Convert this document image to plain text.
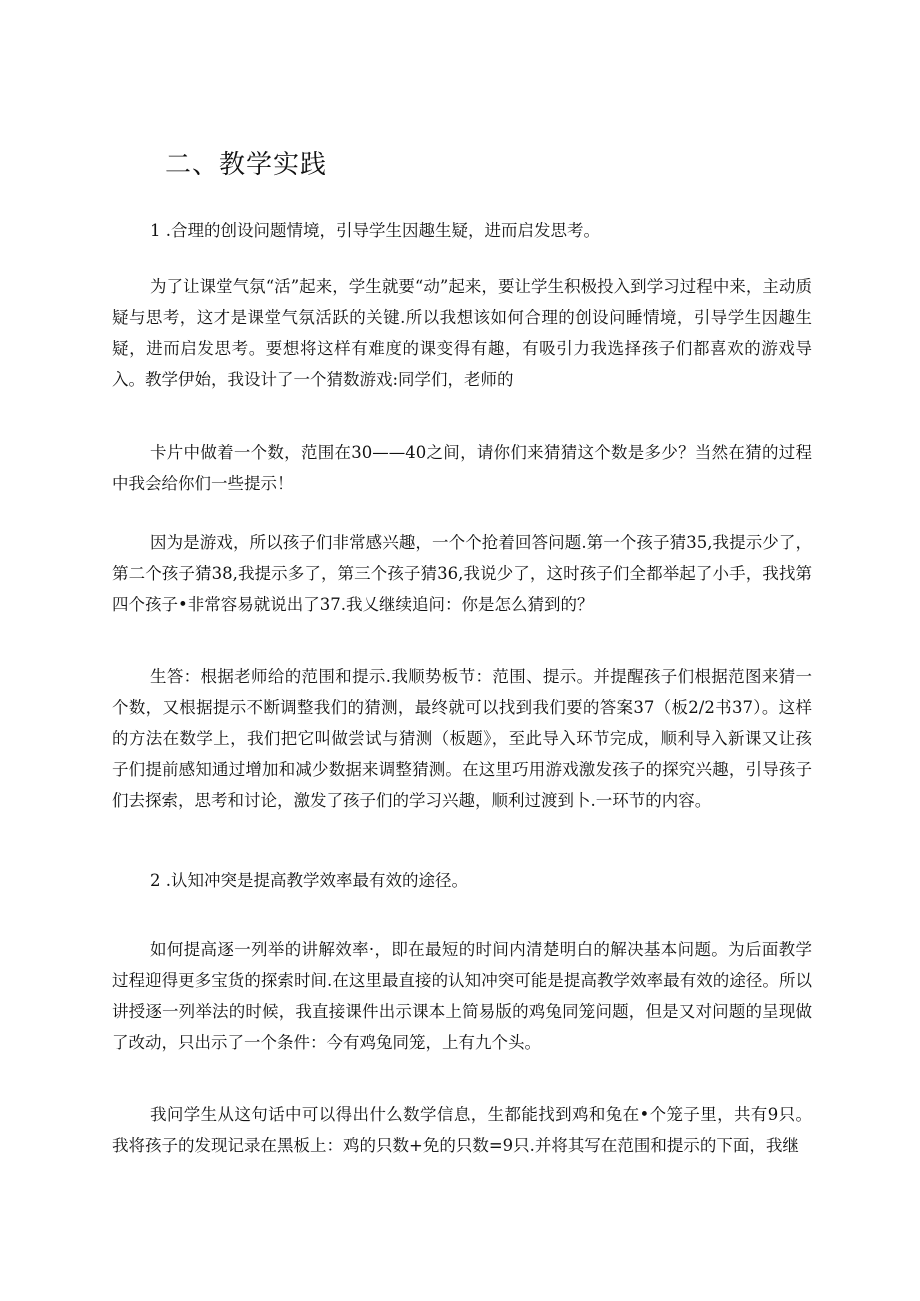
二、教学实践
1 .合理的创设问题情境，引导学生因趣生疑，进而启发思考。
为了让课堂气氛“活”起来，学生就要“动”起来，要让学生积极投入到学习过程中来，主动质疑与思考，这才是课堂气氛活跃的关键.所以我想该如何合理的创设问睡情境，引导学生因趣生疑，进而启发思考。要想将这样有难度的课变得有趣，有吸引力我选择孩子们都喜欢的游戏导入。教学伊始，我设计了一个猜数游戏:同学们，老师的
卡片中做着一个数，范围在30——40之间，请你们来猜猜这个数是多少？当然在猜的过程中我会给你们一些提示！
因为是游戏，所以孩子们非常感兴趣，一个个抢着回答问题.第一个孩子猜35,我提示少了，第二个孩子猜38,我提示多了，第三个孩子猜36,我说少了，这时孩子们全都举起了小手，我找第四个孩子•非常容易就说出了37.我乂继续追问：你是怎么猜到的？
生答：根据老师给的范围和提示.我顺势板节：范围、提示。并提醒孩子们根据范图来猜一个数，又根据提示不断调整我们的猜测，最终就可以找到我们要的答案37（板2/2书37）。这样的方法在数学上，我们把它叫做尝试与猜测（板题》，至此导入环节完成，顺利导入新课又让孩子们提前感知通过增加和减少数据来调整猜测。在这里巧用游戏激发孩子的探究兴趣，引导孩子们去探索，思考和讨论，激发了孩子们的学习兴趣，顺利过渡到卜.一环节的内容。
2 .认知冲突是提高教学效率最有效的途径。
如何提高逐一列举的讲解效率·，即在最短的时间内清楚明白的解决基本问题。为后面教学过程迎得更多宝货的探索时间.在这里最直接的认知冲突可能是提高教学效率最有效的途径。所以讲授逐一列举法的时候，我直接课件出示课本上简易版的鸡兔同笼问题，但是又对问题的呈现做了改动，只出示了一个条件：今有鸡兔同笼，上有九个头。
我问学生从这句话中可以得出什么数学信息，生都能找到鸡和兔在•个笼子里，共有9只。我将孩子的发现记录在黑板上：鸡的只数+免的只数=9只.并将其写在范围和提示的下面，我继
